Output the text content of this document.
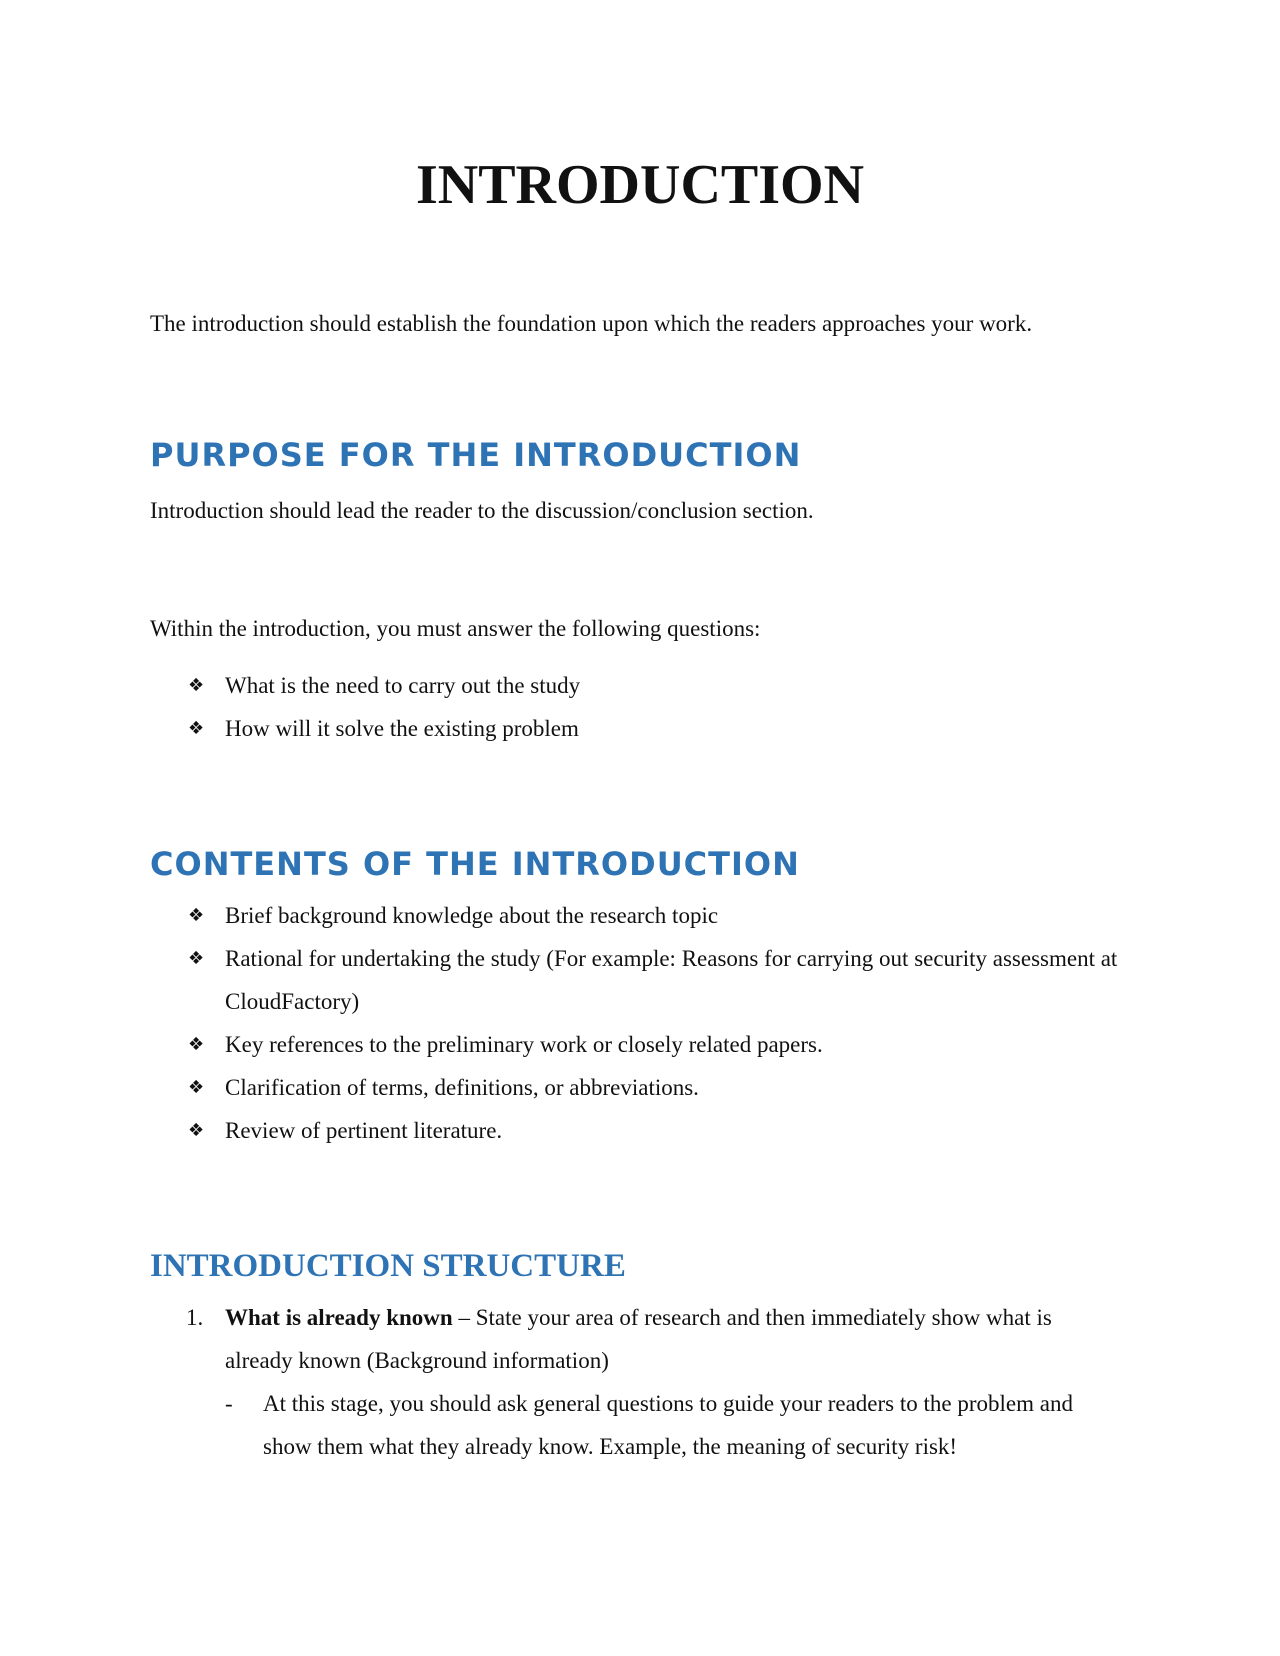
INTRODUCTION

The introduction should establish the foundation upon which the readers approaches your work.

PURPOSE FOR THE INTRODUCTION

Introduction should lead the reader to the discussion/conclusion section.

Within the introduction, you must answer the following questions:

❖ What is the need to carry out the study
❖ How will it solve the existing problem
CONTENTS OF THE INTRODUCTION
❖ Brief background knowledge about the research topic
❖ Rational for undertaking the study (For example: Reasons for carrying out security assessment at CloudFactory)
❖ Key references to the preliminary work or closely related papers.
❖ Clarification of terms, definitions, or abbreviations.
❖ Review of pertinent literature.
INTRODUCTION STRUCTURE
1. What is already known – State your area of research and then immediately show what is already known (Background information)
- At this stage, you should ask general questions to guide your readers to the problem and show them what they already know. Example, the meaning of security risk!
